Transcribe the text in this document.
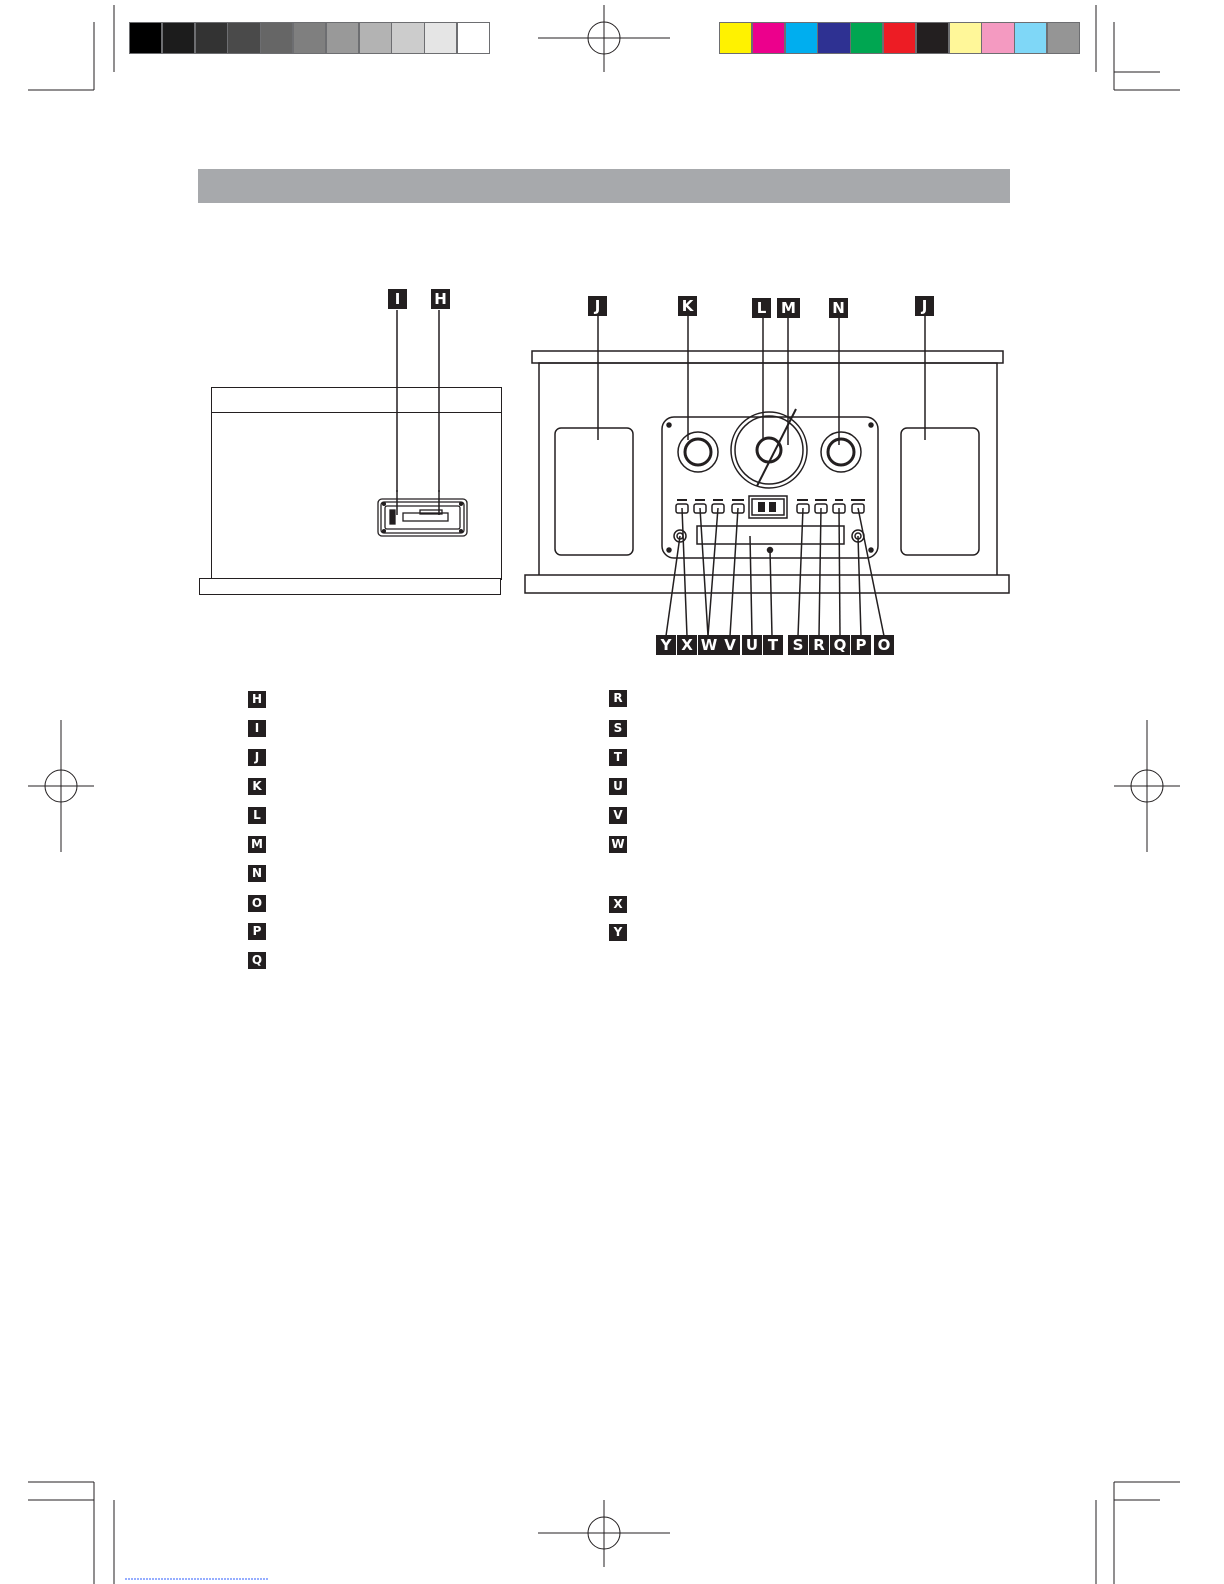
I	H	J	K	L M N	J
Y X W V U T S R Q P O
H
I
J
K
L
M
N
O
P
Q
R
S
T
U
V
W
X
Y
